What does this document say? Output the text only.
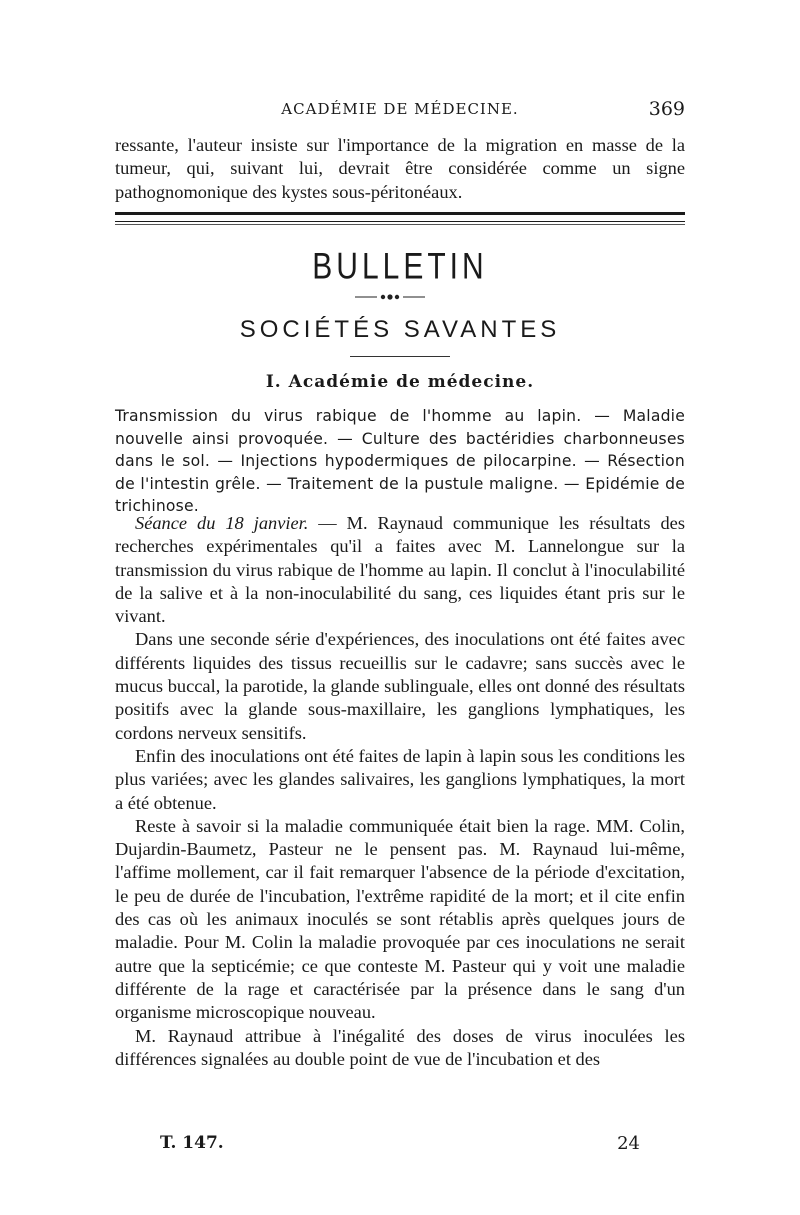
ACADÉMIE DE MÉDECINE.	369

ressante, l'auteur insiste sur l'importance de la migration en masse de la tumeur, qui, suivant lui, devrait être considérée comme un signe pathognomonique des kystes sous-péritonéaux.

BULLETIN
SOCIÉTÉS SAVANTES
I. Académie de médecine.
Transmission du virus rabique de l'homme au lapin. — Maladie nouvelle ainsi provoquée. — Culture des bactéridies charbonneuses dans le sol. — Injections hypodermiques de pilocarpine. — Résection de l'intestin grêle. — Traitement de la pustule maligne. — Epidémie de trichinose.

Séance du 18 janvier. — M. Raynaud communique les résultats des recherches expérimentales qu'il a faites avec M. Lannelongue sur la transmission du virus rabique de l'homme au lapin. Il conclut à l'inoculabilité de la salive et à la non-inoculabilité du sang, ces liquides étant pris sur le vivant.

Dans une seconde série d'expériences, des inoculations ont été faites avec différents liquides des tissus recueillis sur le cadavre; sans succès avec le mucus buccal, la parotide, la glande sublinguale, elles ont donné des résultats positifs avec la glande sous-maxillaire, les ganglions lymphatiques, les cordons nerveux sensitifs.

Enfin des inoculations ont été faites de lapin à lapin sous les conditions les plus variées; avec les glandes salivaires, les ganglions lymphatiques, la mort a été obtenue.

Reste à savoir si la maladie communiquée était bien la rage. MM. Colin, Dujardin-Baumetz, Pasteur ne le pensent pas. M. Raynaud lui-même, l'affime mollement, car il fait remarquer l'absence de la période d'excitation, le peu de durée de l'incubation, l'extrême rapidité de la mort; et il cite enfin des cas où les animaux inoculés se sont rétablis après quelques jours de maladie. Pour M. Colin la maladie provoquée par ces inoculations ne serait autre que la septicémie; ce que conteste M. Pasteur qui y voit une maladie différente de la rage et caractérisée par la présence dans le sang d'un organisme microscopique nouveau.

M. Raynaud attribue à l'inégalité des doses de virus inoculées les différences signalées au double point de vue de l'incubation et des

T. 147.	24
